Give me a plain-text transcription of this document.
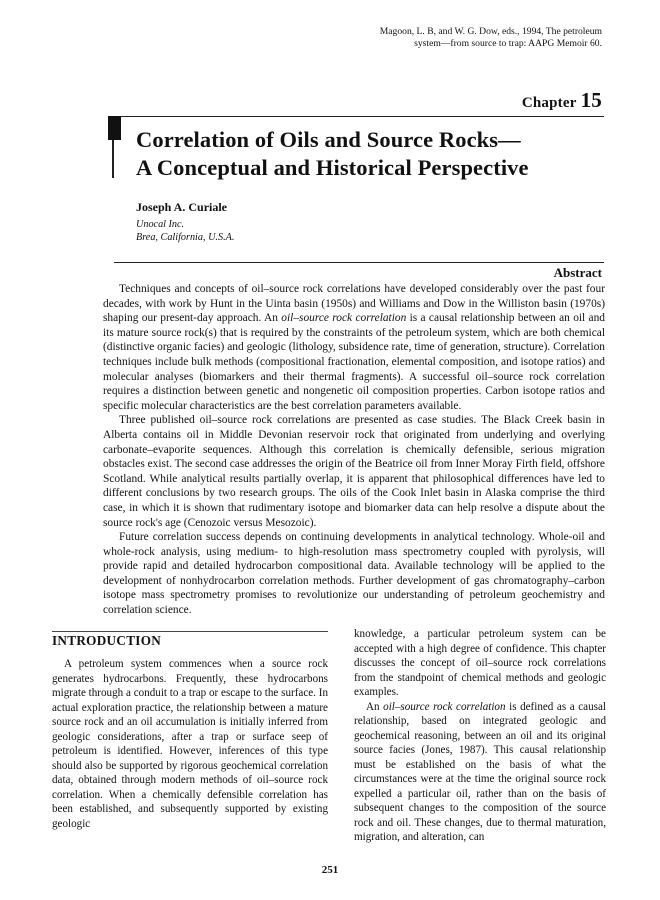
Magoon, L. B, and W. G. Dow, eds., 1994, The petroleum
system—from source to trap: AAPG Memoir 60.
Chapter 15
Correlation of Oils and Source Rocks—
A Conceptual and Historical Perspective
Joseph A. Curiale
Unocal Inc.
Brea, California, U.S.A.
Abstract

Techniques and concepts of oil–source rock correlations have developed considerably over the past four decades, with work by Hunt in the Uinta basin (1950s) and Williams and Dow in the Williston basin (1970s) shaping our present-day approach. An oil–source rock correlation is a causal relationship between an oil and its mature source rock(s) that is required by the constraints of the petroleum system, which are both chemical (distinctive organic facies) and geologic (lithology, subsidence rate, time of generation, structure). Correlation techniques include bulk methods (compositional fractionation, elemental composition, and isotope ratios) and molecular analyses (biomarkers and their thermal fragments). A successful oil–source rock correlation requires a distinction between genetic and nongenetic oil composition properties. Carbon isotope ratios and specific molecular characteristics are the best correlation parameters available.

Three published oil–source rock correlations are presented as case studies. The Black Creek basin in Alberta contains oil in Middle Devonian reservoir rock that originated from underlying and overlying carbonate–evaporite sequences. Although this correlation is chemically defensible, serious migration obstacles exist. The second case addresses the origin of the Beatrice oil from Inner Moray Firth field, offshore Scotland. While analytical results partially overlap, it is apparent that philosophical differences have led to different conclusions by two research groups. The oils of the Cook Inlet basin in Alaska comprise the third case, in which it is shown that rudimentary isotope and biomarker data can help resolve a dispute about the source rock's age (Cenozoic versus Mesozoic).

Future correlation success depends on continuing developments in analytical technology. Whole-oil and whole-rock analysis, using medium- to high-resolution mass spectrometry coupled with pyrolysis, will provide rapid and detailed hydrocarbon compositional data. Available technology will be applied to the development of nonhydrocarbon correlation methods. Further development of gas chromatography–carbon isotope mass spectrometry promises to revolutionize our understanding of petroleum geochemistry and correlation science.

INTRODUCTION

A petroleum system commences when a source rock generates hydrocarbons. Frequently, these hydrocarbons migrate through a conduit to a trap or escape to the surface. In actual exploration practice, the relationship between a mature source rock and an oil accumulation is initially inferred from geologic considerations, after a trap or surface seep of petroleum is identified. However, inferences of this type should also be supported by rigorous geochemical correlation data, obtained through modern methods of oil–source rock correlation. When a chemically defensible correlation has been established, and subsequently supported by existing geologic

knowledge, a particular petroleum system can be accepted with a high degree of confidence. This chapter discusses the concept of oil–source rock correlations from the standpoint of chemical methods and geologic examples.

An oil–source rock correlation is defined as a causal relationship, based on integrated geologic and geochemical reasoning, between an oil and its original source facies (Jones, 1987). This causal relationship must be established on the basis of what the circumstances were at the time the original source rock expelled a particular oil, rather than on the basis of subsequent changes to the composition of the source rock and oil. These changes, due to thermal maturation, migration, and alteration, can

251
